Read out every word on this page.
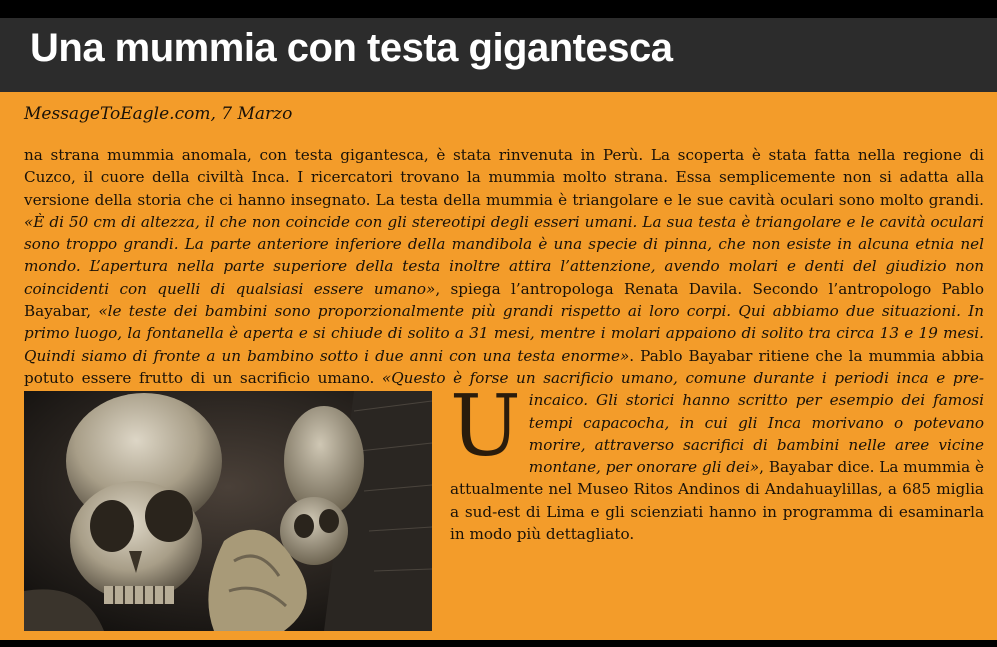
Una mummia con testa gigantesca
MessageToEagle.com, 7 Marzo
U
na strana mummia anomala, con testa gigantesca, è stata rinvenuta in Perù. La scoperta è stata fatta nella regione di Cuzco, il cuore della civiltà Inca. I ricercatori trovano la mummia molto strana. Essa semplicemente non si adatta alla versione della storia che ci hanno insegnato. La testa della mummia è triangolare e le sue cavità oculari sono molto grandi. «È di 50 cm di altezza, il che non coincide con gli stereotipi degli esseri umani. La sua testa è triangolare e le cavità oculari sono troppo grandi. La parte anteriore inferiore della mandibola è una specie di pinna, che non esiste in alcuna etnia nel mondo. L’apertura nella parte superiore della testa inoltre attira l’attenzione, avendo molari e denti del giudizio non coincidenti con quelli di qualsiasi essere umano», spiega l’antropologa Renata Davila. Secondo l’antropologo Pablo Bayabar, «le teste dei bambini sono proporzionalmente più grandi rispetto ai loro corpi. Qui abbiamo due situazioni. In primo luogo, la fontanella è aperta e si chiude di solito a 31 mesi, mentre i molari appaiono di solito tra circa 13 e 19 mesi. Quindi siamo di fronte a un bambino sotto i due anni con una testa enorme». Pablo Bayabar ritiene che la mummia abbia potuto essere frutto di un sacrificio umano. «Questo è forse un sacrificio umano, comune durante i periodi inca e pre-incaico. Gli storici hanno scritto per esempio dei famosi tempi capacocha, in cui gli Inca morivano o potevano morire, attraverso sacrifici di bambini nelle aree vicine montane, per onorare gli dei», Bayabar dice. La mummia è attualmente nel Museo Ritos Andinos di Andahuaylillas, a 685 miglia a sud-est di Lima e gli scienziati hanno in programma di esaminarla in modo più dettagliato.
